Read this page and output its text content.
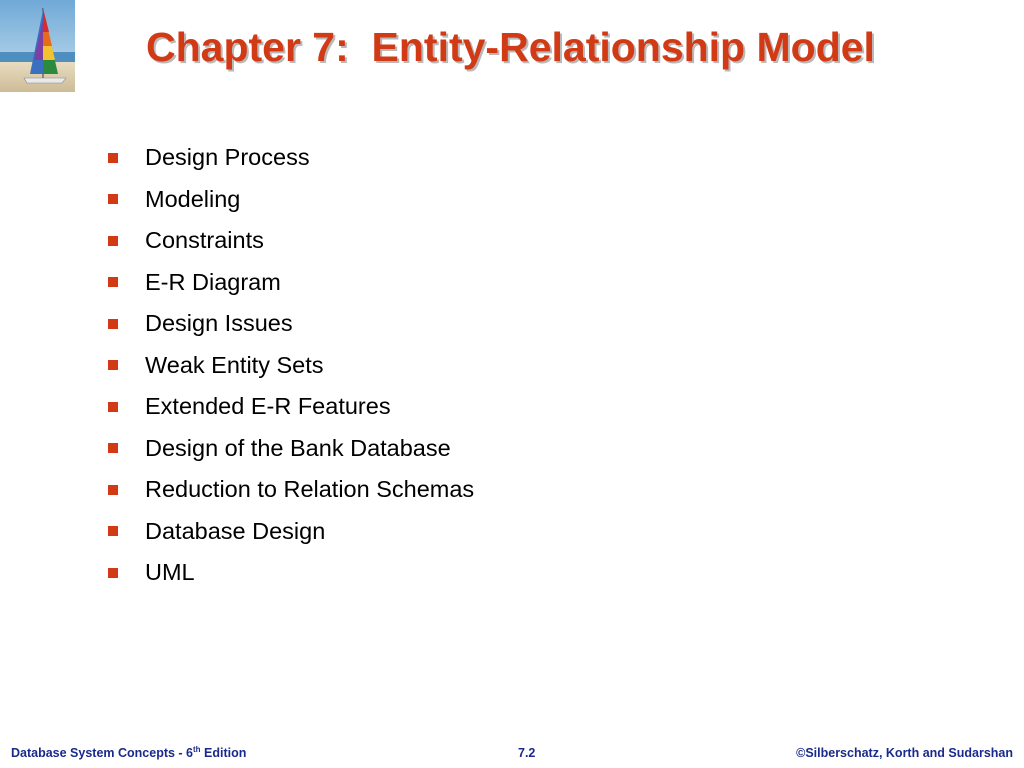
Chapter 7:  Entity-Relationship Model
Design Process
Modeling
Constraints
E-R Diagram
Design Issues
Weak Entity Sets
Extended E-R Features
Design of the Bank Database
Reduction to Relation Schemas
Database Design
UML
Database System Concepts - 6th Edition	7.2	©Silberschatz, Korth and Sudarshan
